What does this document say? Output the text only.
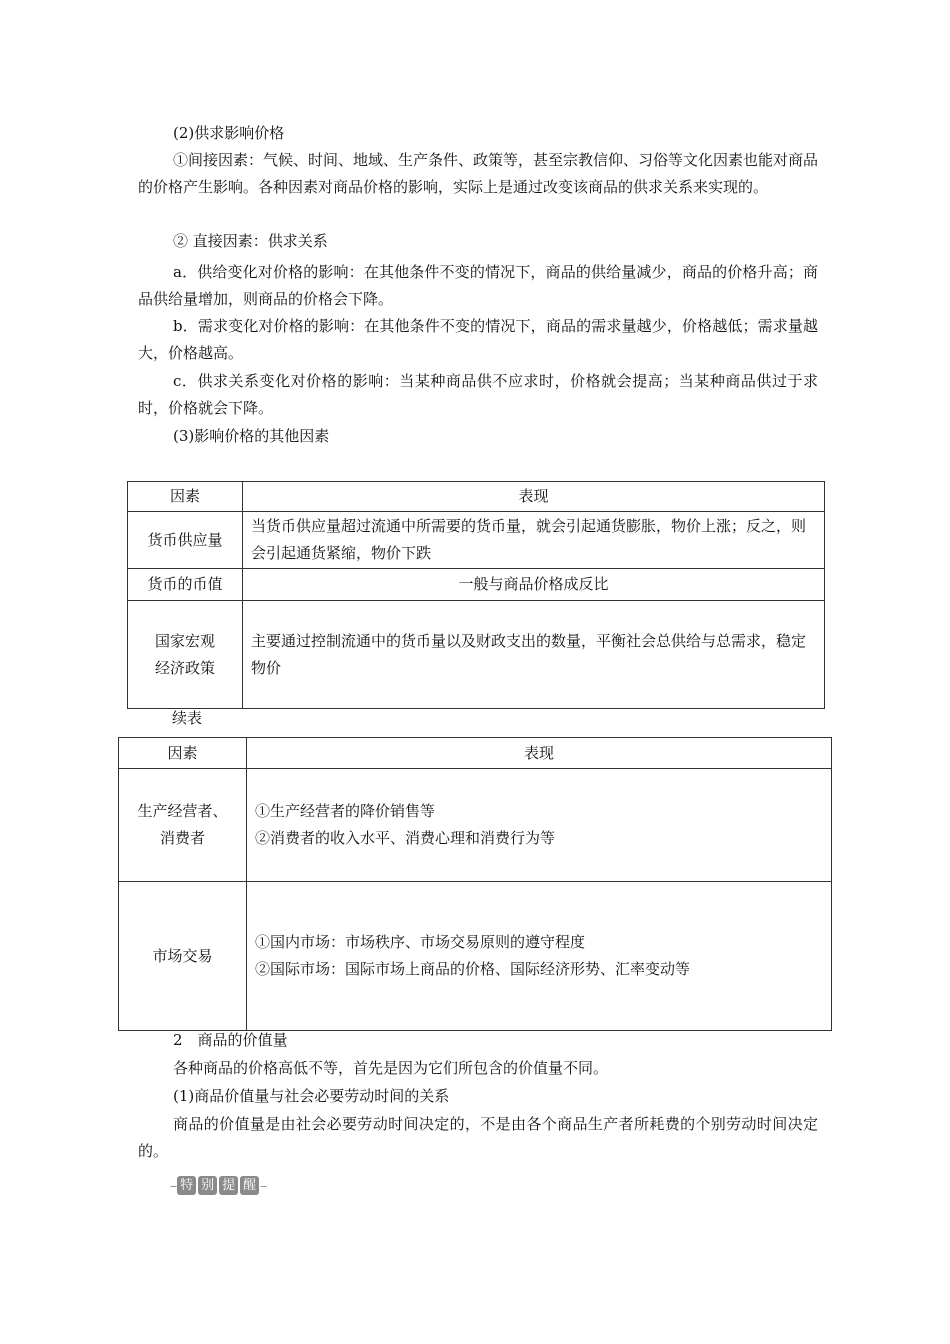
(2)供求影响价格

①间接因素：气候、时间、地域、生产条件、政策等，甚至宗教信仰、习俗等文化因素也能对商品的价格产生影响。各种因素对商品价格的影响，实际上是通过改变该商品的供求关系来实现的。

② 直接因素：供求关系

a．供给变化对价格的影响：在其他条件不变的情况下，商品的供给量减少，商品的价格升高；商品供给量增加，则商品的价格会下降。

b．需求变化对价格的影响：在其他条件不变的情况下，商品的需求量越少，价格越低；需求量越大，价格越高。

c．供求关系变化对价格的影响：当某种商品供不应求时，价格就会提高；当某种商品供过于求时，价格就会下降。

(3)影响价格的其他因素

因素	表现
货币供应量	当货币供应量超过流通中所需要的货币量，就会引起通货膨胀，物价上涨；反之，则会引起通货紧缩，物价下跌
货币的币值	一般与商品价格成反比
国家宏观经济政策	主要通过控制流通中的货币量以及财政支出的数量，平衡社会总供给与总需求，稳定物价

续表

因素	表现
生产经营者、消费者	①生产经营者的降价销售等
②消费者的收入水平、消费心理和消费行为等

市场交易	①国内市场：市场秩序、市场交易原则的遵守程度
②国际市场：国际市场上商品的价格、国际经济形势、汇率变动等

2　商品的价值量

各种商品的价格高低不等，首先是因为它们所包含的价值量不同。

(1)商品价值量与社会必要劳动时间的关系

商品的价值量是由社会必要劳动时间决定的，不是由各个商品生产者所耗费的个别劳动时间决定的。

-- 特 别 提 醒 --
